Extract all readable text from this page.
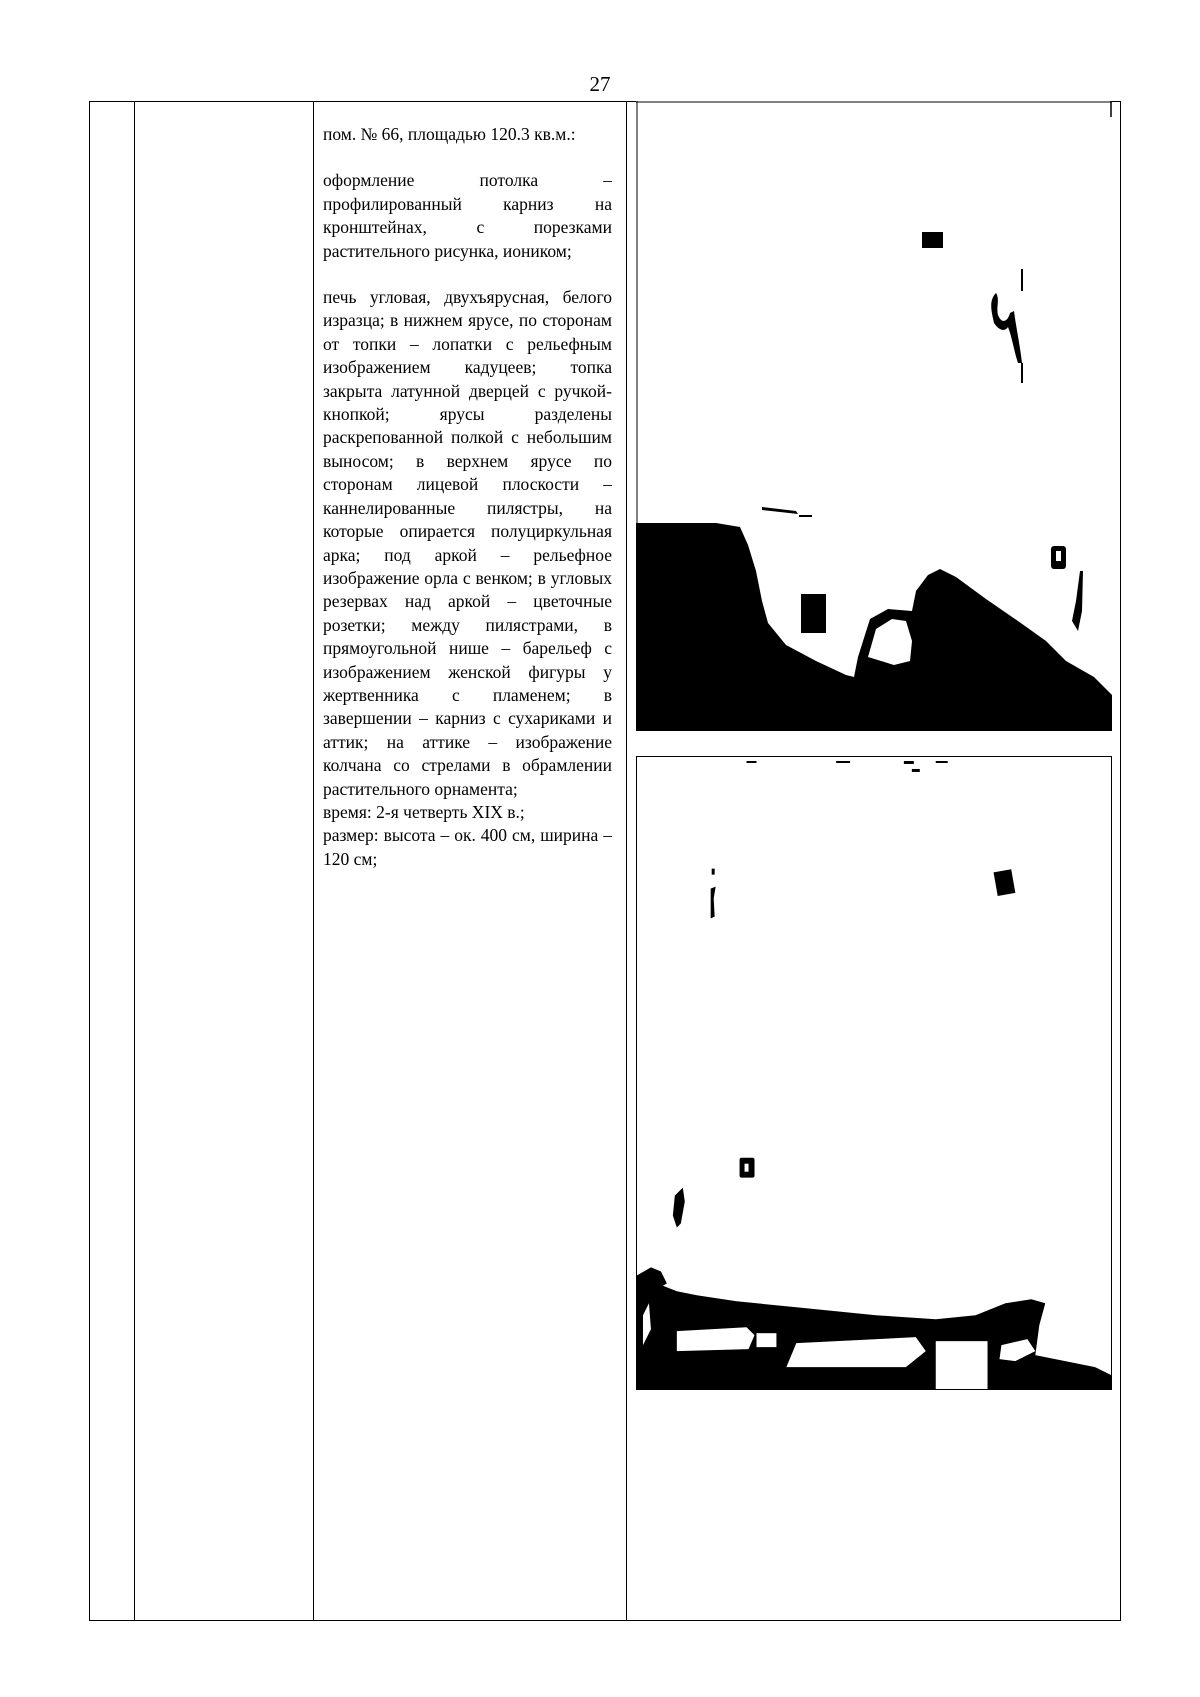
27

пом. № 66, площадью 120.3 кв.м.:

оформление потолка – профилированный карниз на кронштейнах, с порезками растительного рисунка, иоником;

печь угловая, двухъярусная, белого изразца; в нижнем ярусе, по сторонам от топки – лопатки с рельефным изображением кадуцеев; топка закрыта латунной дверцей с ручкой-кнопкой; ярусы разделены раскрепованной полкой с небольшим выносом; в верхнем ярусе по сторонам лицевой плоскости – каннелированные пилястры, на которые опирается полуциркульная арка; под аркой – рельефное изображение орла с венком; в угловых резервах над аркой – цветочные розетки; между пилястрами, в прямоугольной нише – барельеф с изображением женской фигуры у жертвенника с пламенем; в завершении – карниз с сухариками и аттик; на аттике – изображение колчана со стрелами в обрамлении растительного орнамента;

время: 2-я четверть XIX в.;

размер: высота – ок. 400 см, ширина – 120 см;
